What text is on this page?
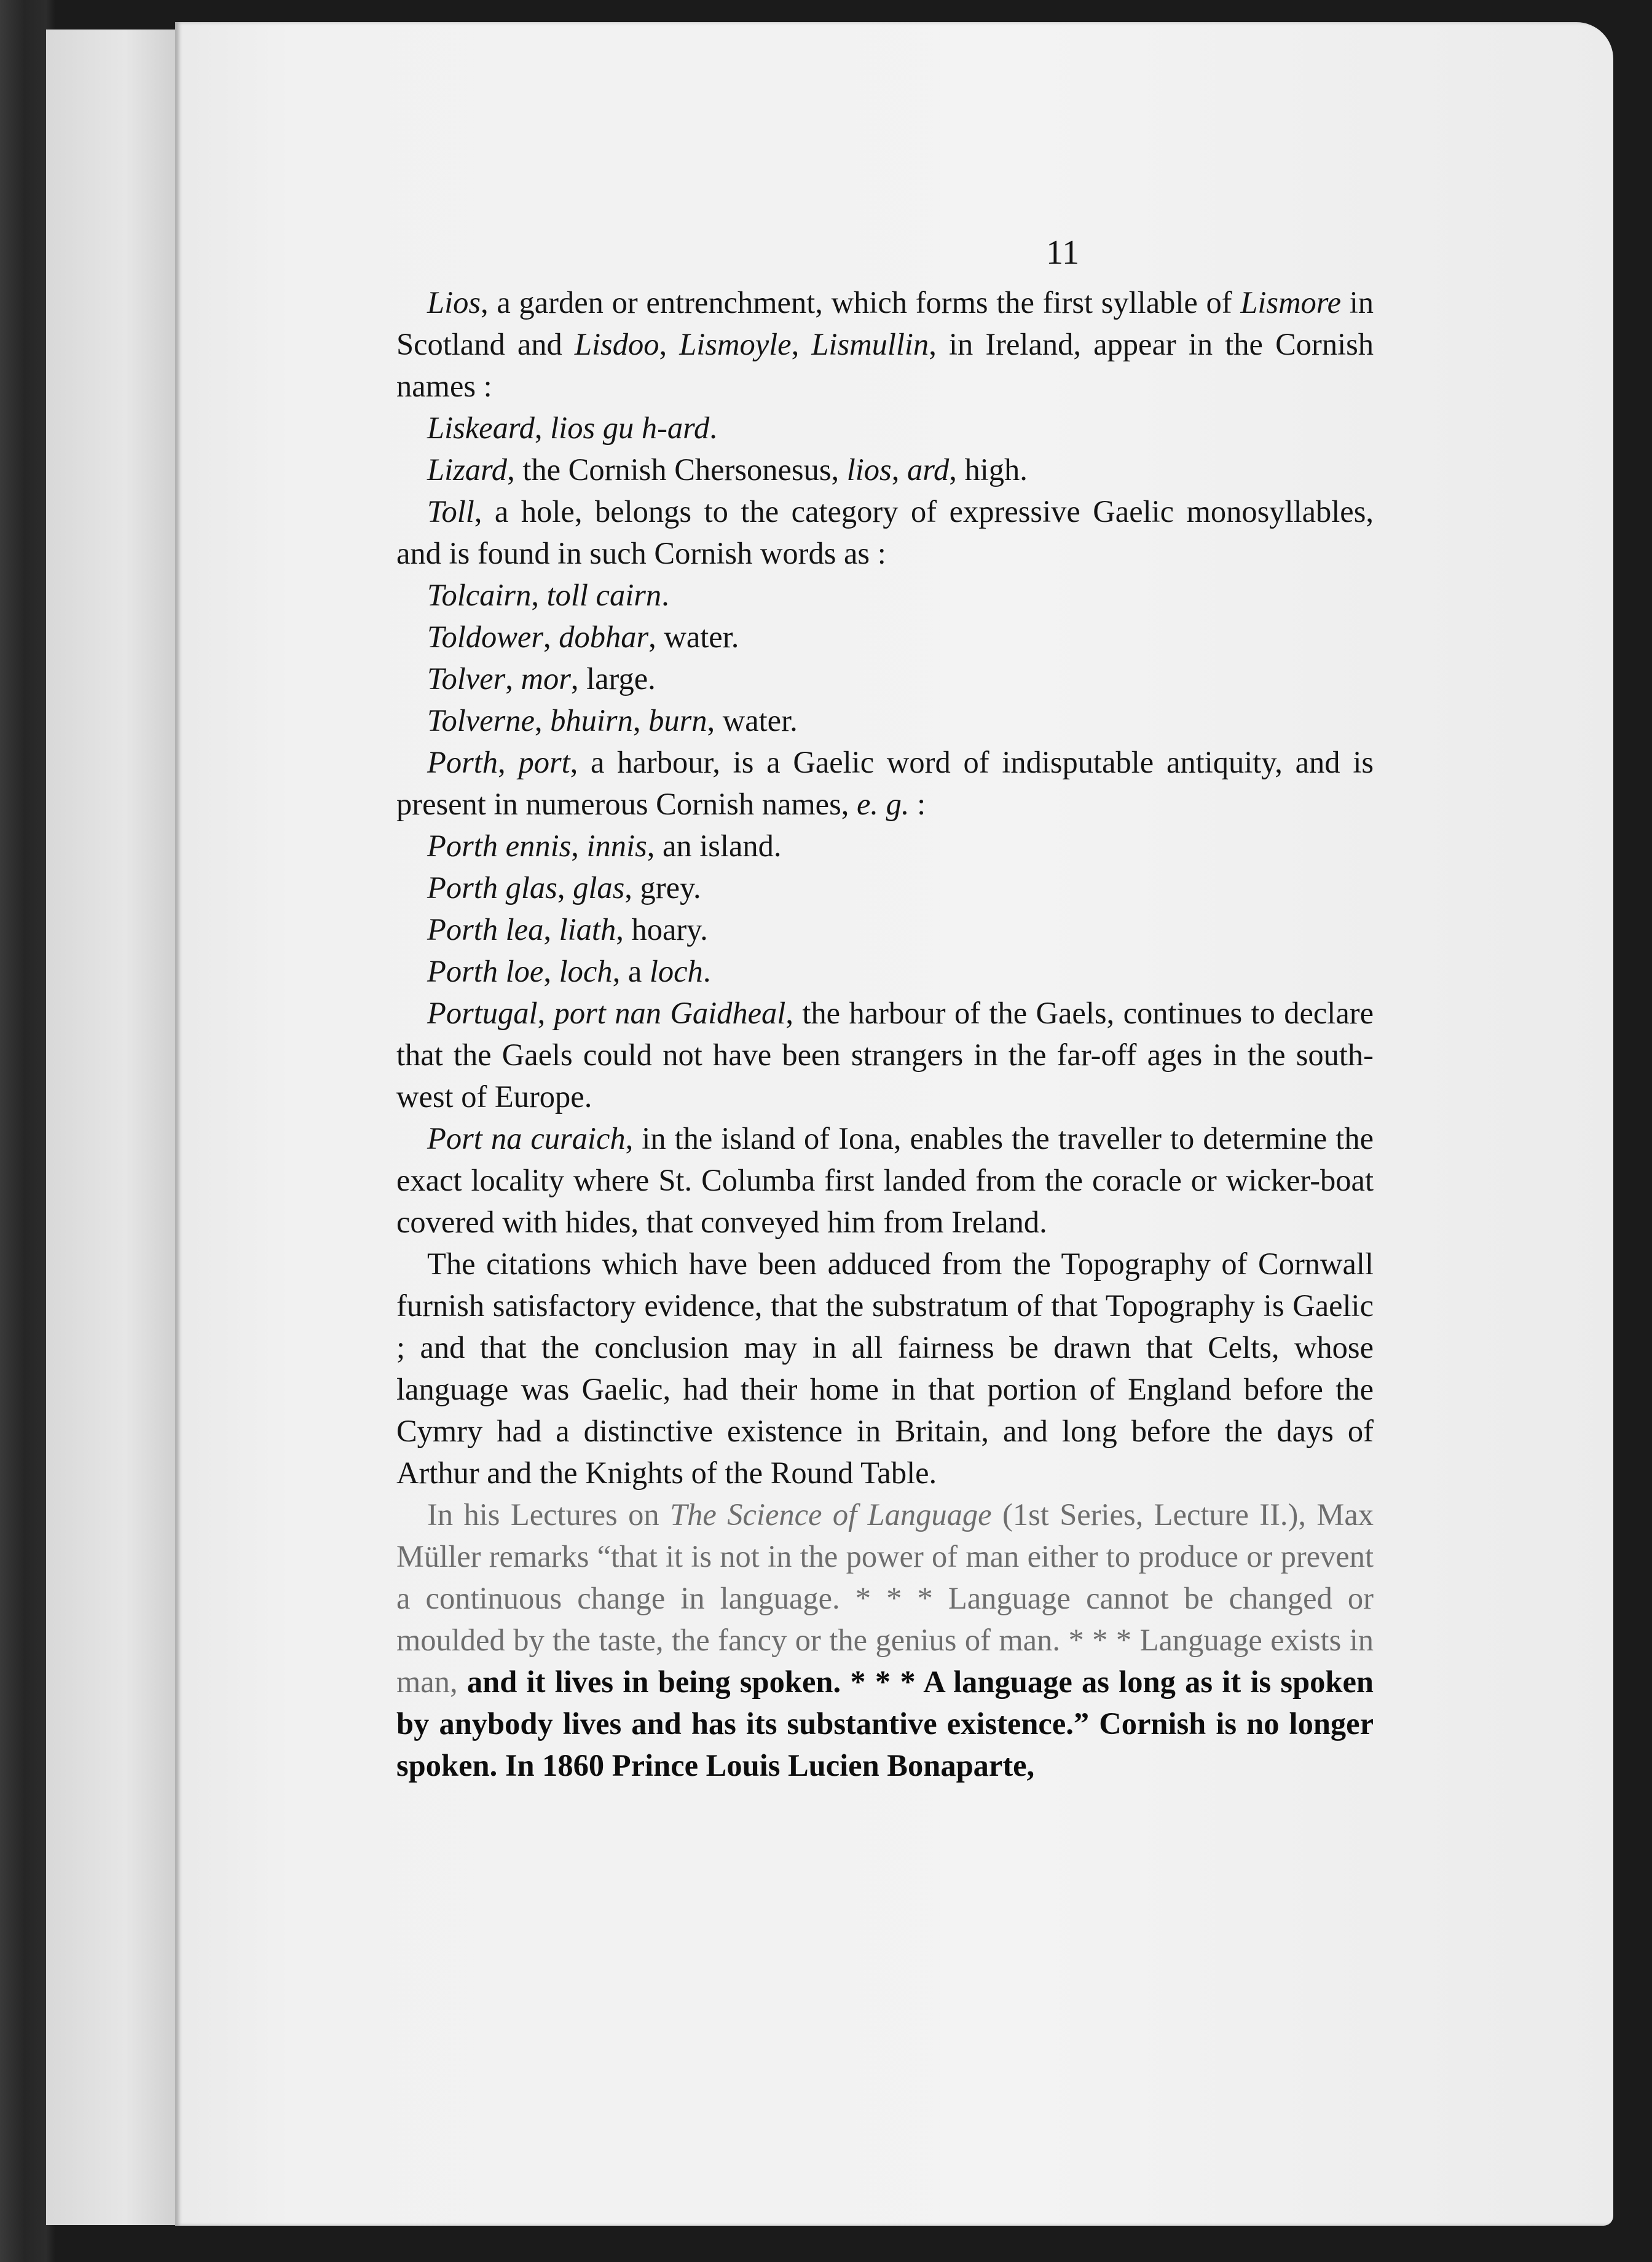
11

Lios, a garden or entrenchment, which forms the first syllable of Lismore in Scotland and Lisdoo, Lismoyle, Lismullin, in Ireland, appear in the Cornish names :

Liskeard, lios gu h-ard.

Lizard, the Cornish Chersonesus, lios, ard, high.

Toll, a hole, belongs to the category of expressive Gaelic monosyllables, and is found in such Cornish words as :

Tolcairn, toll cairn.

Toldower, dobhar, water.

Tolver, mor, large.

Tolverne, bhuirn, burn, water.

Porth, port, a harbour, is a Gaelic word of indisputable antiquity, and is present in numerous Cornish names, e. g. :

Porth ennis, innis, an island.

Porth glas, glas, grey.

Porth lea, liath, hoary.

Porth loe, loch, a loch.

Portugal, port nan Gaidheal, the harbour of the Gaels, continues to declare that the Gaels could not have been strangers in the far-off ages in the south-west of Europe.

Port na curaich, in the island of Iona, enables the traveller to determine the exact locality where St. Columba first landed from the coracle or wicker-boat covered with hides, that conveyed him from Ireland.

The citations which have been adduced from the Topography of Cornwall furnish satisfactory evidence, that the substratum of that Topography is Gaelic ; and that the conclusion may in all fairness be drawn that Celts, whose language was Gaelic, had their home in that portion of England before the Cymry had a distinctive existence in Britain, and long before the days of Arthur and the Knights of the Round Table.

In his Lectures on The Science of Language (1st Series, Lecture II.), Max Müller remarks “that it is not in the power of man either to produce or prevent a continuous change in language. * * * Language cannot be changed or moulded by the taste, the fancy or the genius of man. * * * Language exists in man, and it lives in being spoken. * * * A language as long as it is spoken by anybody lives and has its substantive existence.” Cornish is no longer spoken. In 1860 Prince Louis Lucien Bonaparte,
